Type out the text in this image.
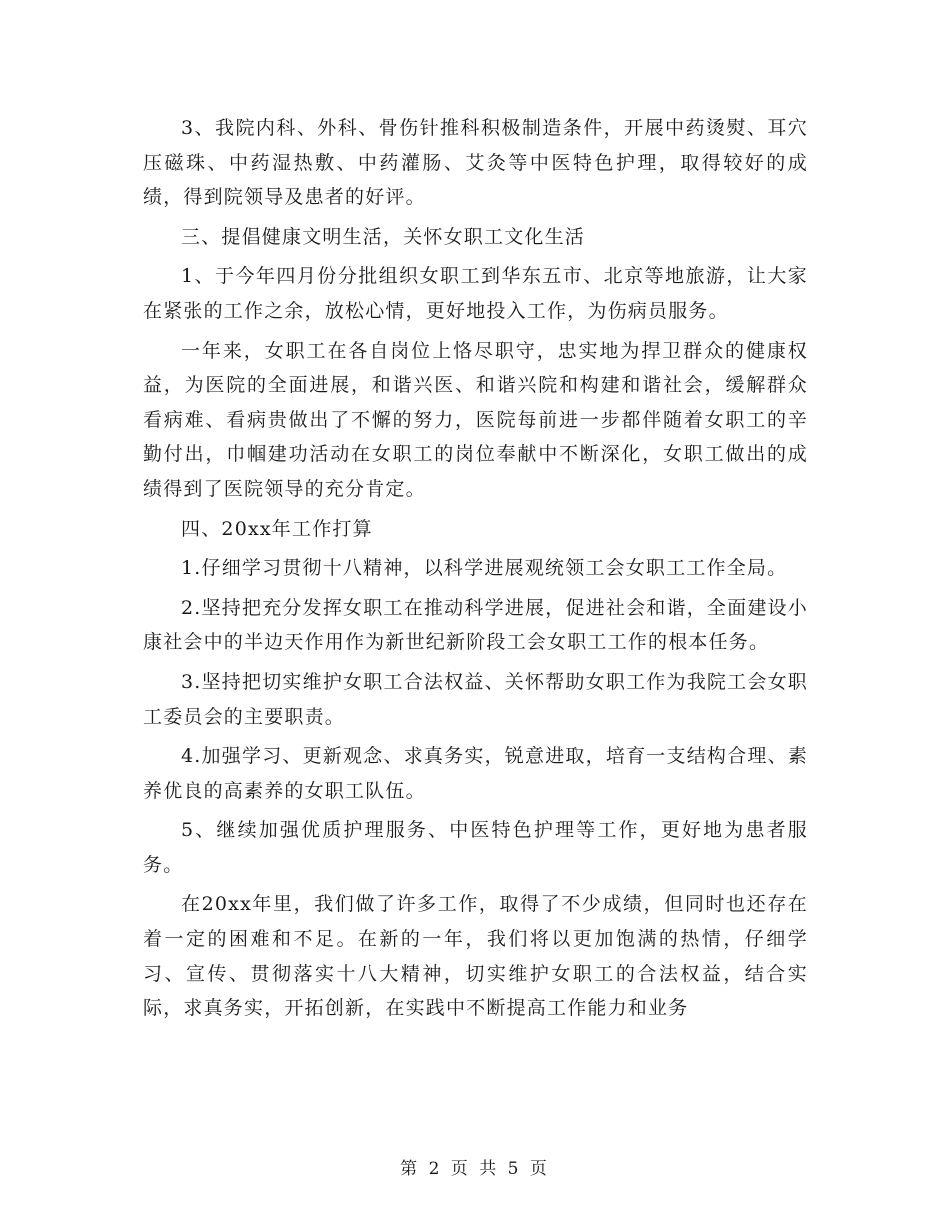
3、我院内科、外科、骨伤针推科积极制造条件，开展中药烫熨、耳穴压磁珠、中药湿热敷、中药灌肠、艾灸等中医特色护理，取得较好的成绩，得到院领导及患者的好评。

三、提倡健康文明生活，关怀女职工文化生活

1、于今年四月份分批组织女职工到华东五市、北京等地旅游，让大家在紧张的工作之余，放松心情，更好地投入工作，为伤病员服务。

一年来，女职工在各自岗位上恪尽职守，忠实地为捍卫群众的健康权益，为医院的全面进展，和谐兴医、和谐兴院和构建和谐社会，缓解群众看病难、看病贵做出了不懈的努力，医院每前进一步都伴随着女职工的辛勤付出，巾帼建功活动在女职工的岗位奉献中不断深化，女职工做出的成绩得到了医院领导的充分肯定。

四、20xx年工作打算

1.仔细学习贯彻十八精神，以科学进展观统领工会女职工工作全局。

2.坚持把充分发挥女职工在推动科学进展，促进社会和谐，全面建设小康社会中的半边天作用作为新世纪新阶段工会女职工工作的根本任务。

3.坚持把切实维护女职工合法权益、关怀帮助女职工作为我院工会女职工委员会的主要职责。

4.加强学习、更新观念、求真务实，锐意进取，培育一支结构合理、素养优良的高素养的女职工队伍。

5、继续加强优质护理服务、中医特色护理等工作，更好地为患者服务。

在20xx年里，我们做了许多工作，取得了不少成绩，但同时也还存在着一定的困难和不足。在新的一年，我们将以更加饱满的热情，仔细学习、宣传、贯彻落实十八大精神，切实维护女职工的合法权益，结合实际，求真务实，开拓创新，在实践中不断提高工作能力和业务

第 2 页 共 5 页
